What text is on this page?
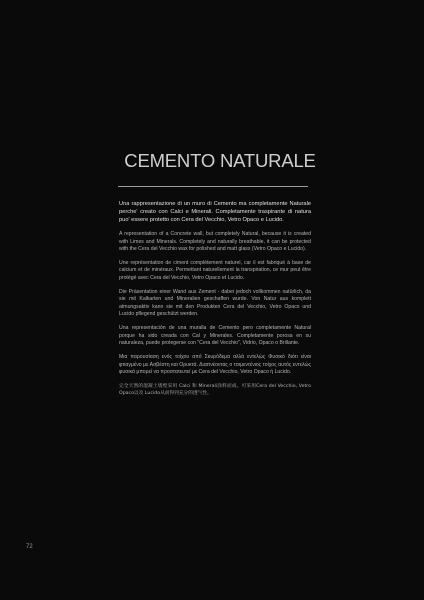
CEMENTO NATURALE

Una rappresentazione di un muro di Cemento ma completamente Naturale perche' creato con Calci e Minerali. Completamente traspirante di natura puo' essere protetto con Cera del Vecchio, Vetro Opaco e Lucido.

A representation of a Concrete wall, but completely Natural, because it is created with Limes and Minerals. Completely and naturally breathable, it can be protected with the Cera del Vecchio wax for polished and matt glass (Vetro Opaco e Lucido).

Une représentation de ciment complètement naturel, car il est fabriqué à base de calcium et de minéraux. Permettant naturellement la transpiration, ce mur peut être protégé avec Cera del Vecchio, Vetro Opaco et Lucido.

Die Präsentation einer Wand aus Zement - dabei jedoch vollkommen natürlich, da sie mit Kalkarten und Mineralien geschaffen wurde. Von Natur aus komplett atmungsaktiv kann sie mit den Produkten Cera del Vecchio, Vetro Opaco und Lucido pflegend geschützt werden.

Una representación de una muralla de Cemento pero completamente Natural porque ha sido creada con Cal y Minerales. Completamente porosa en su naturaleza, puede protegerse con "Cera del Vecchio", Vidrio, Opaco o Brillante.

Μια παρουσίαση ενός τοίχου από Σκυρόδεμα αλλά εντελώς Φυσικό διότι είναι φτιαγμένο με Ασβέστη και Ορυκτά. Διαπνέοντας ο τσιμεντένιος τοίχος αυτός εντελώς φυσικά μπορεί να προστατευτεί με Cera del Vecchio, Vetro Opaco ή Lucido.

完全天然的混凝土墙壁采用 Calci 和 Minerali涂料而成。可采用Cera del Vecchio, Vetro Opaco以及 Lucido从而得到充分的透气性。

72
